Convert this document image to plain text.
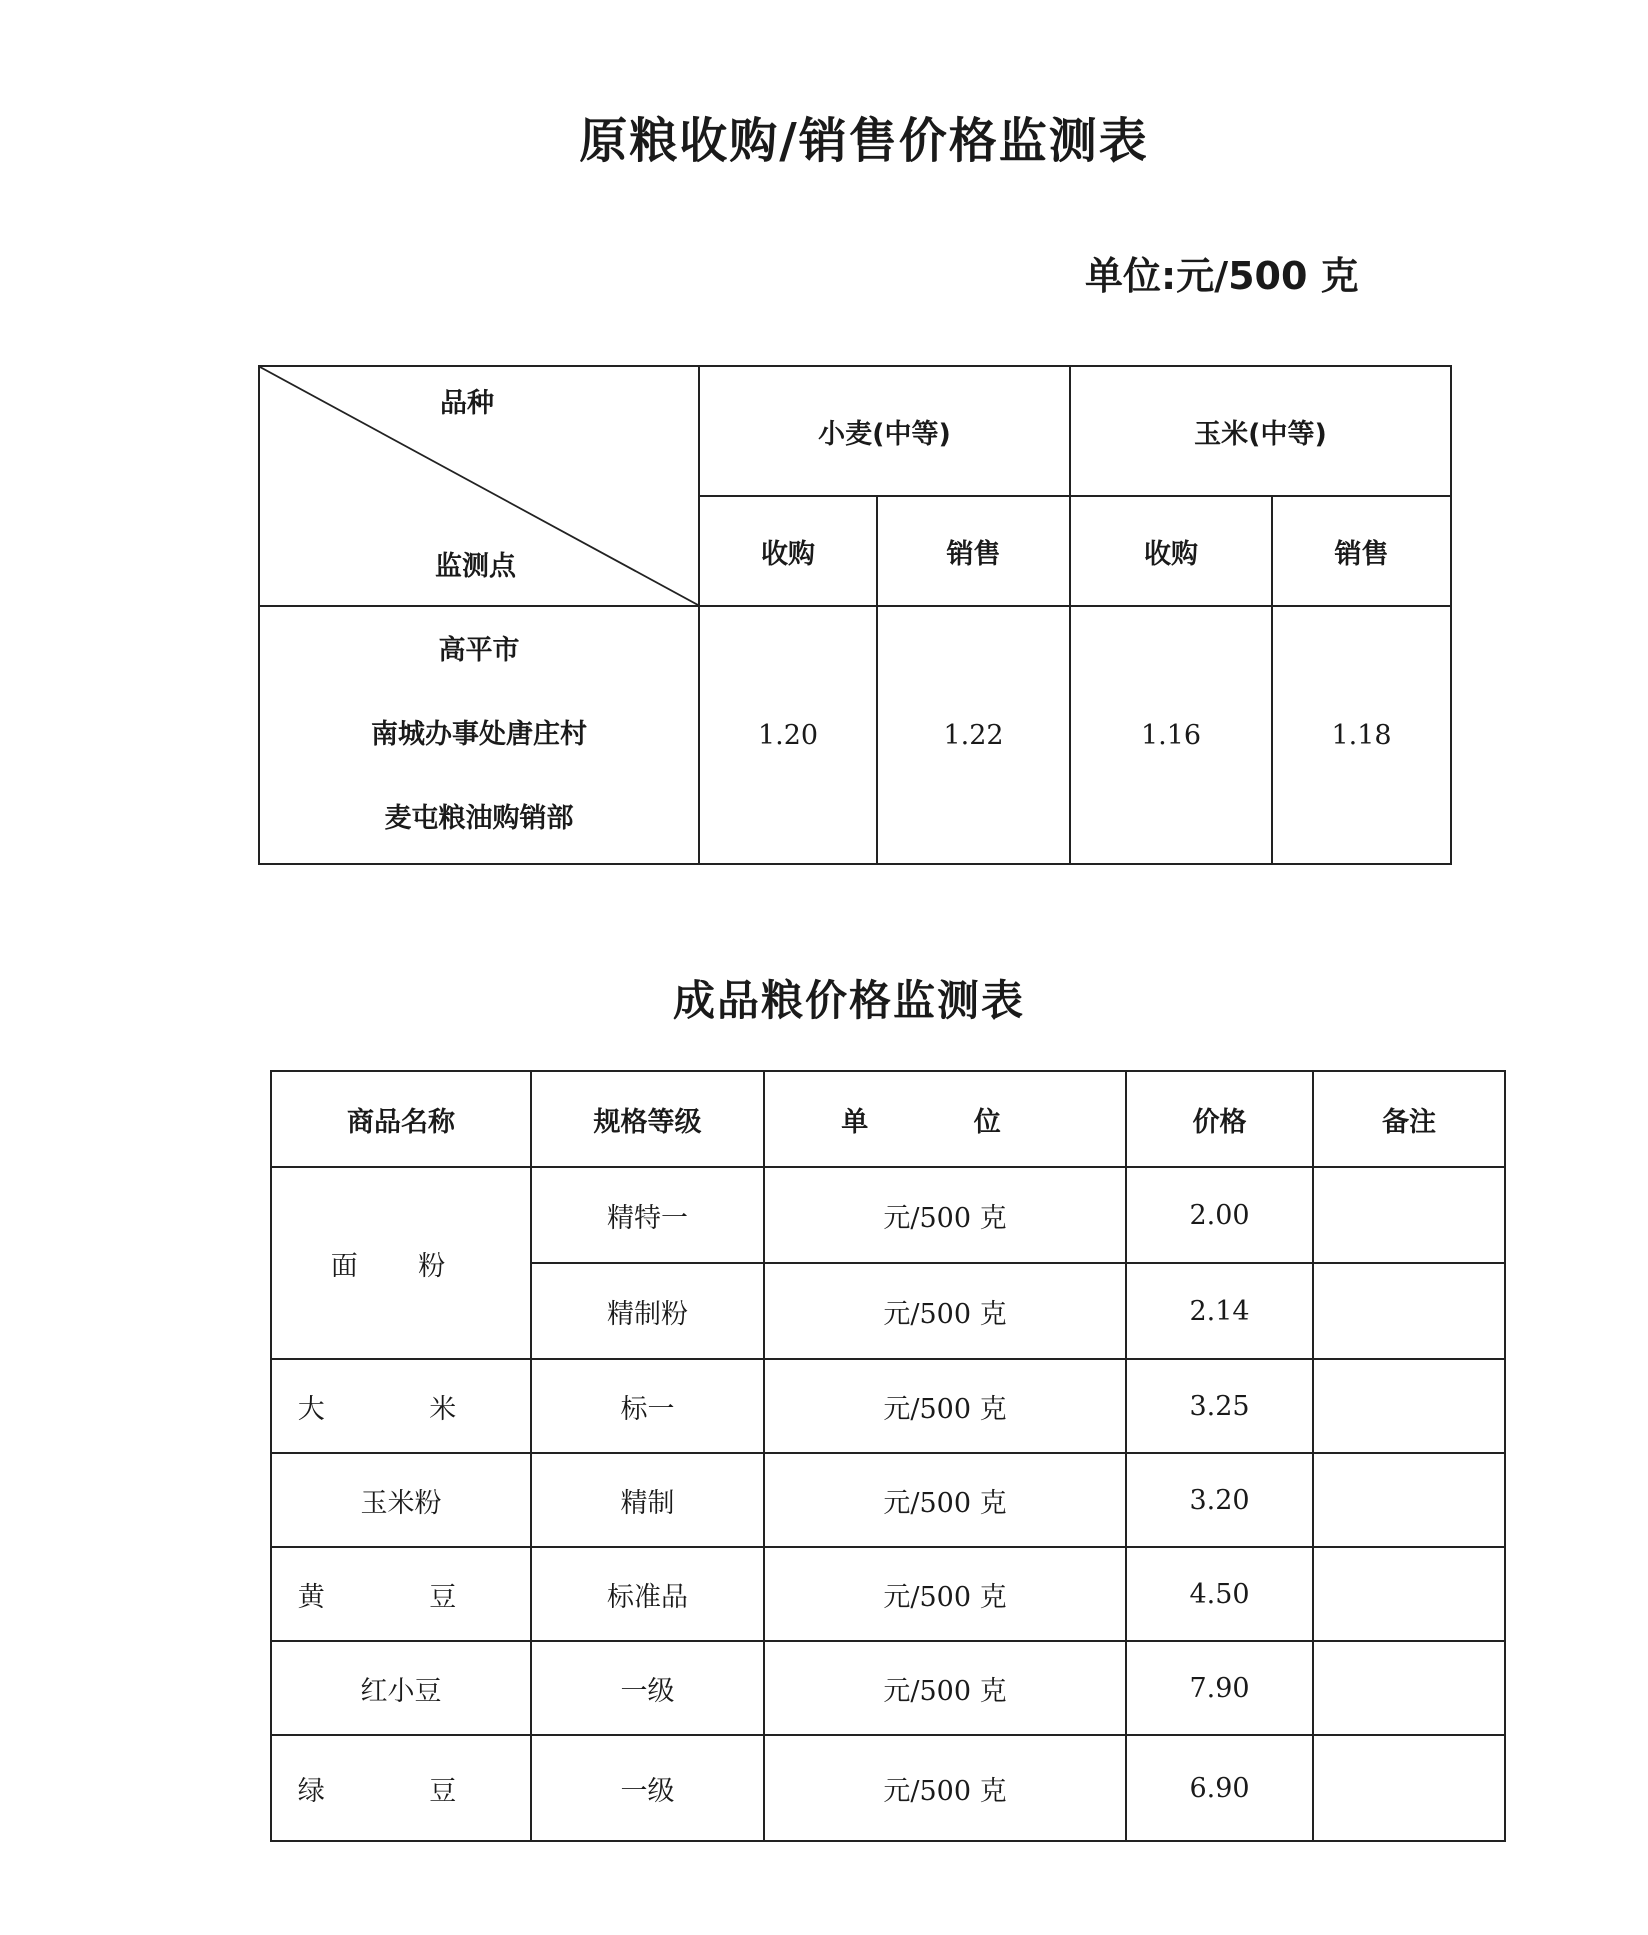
原粮收购/销售价格监测表
单位:元/500 克
品种
监测点	小麦(中等)		玉米(中等)	
	收购	销售	收购	销售

高平市
南城办事处唐庄村
麦屯粮油购销部	1.20	1.22	1.16	1.18
成品粮价格监测表
商品名称	规格等级	单 位	价格	备注
面 粉	精特一	元/500 克	2.00	
	精制粉	元/500 克	2.14	
大 米	标一	元/500 克	3.25	
玉米粉	精制	元/500 克	3.20	
黄 豆	标准品	元/500 克	4.50	
红小豆	一级	元/500 克	7.90	
绿 豆	一级	元/500 克	6.90	
